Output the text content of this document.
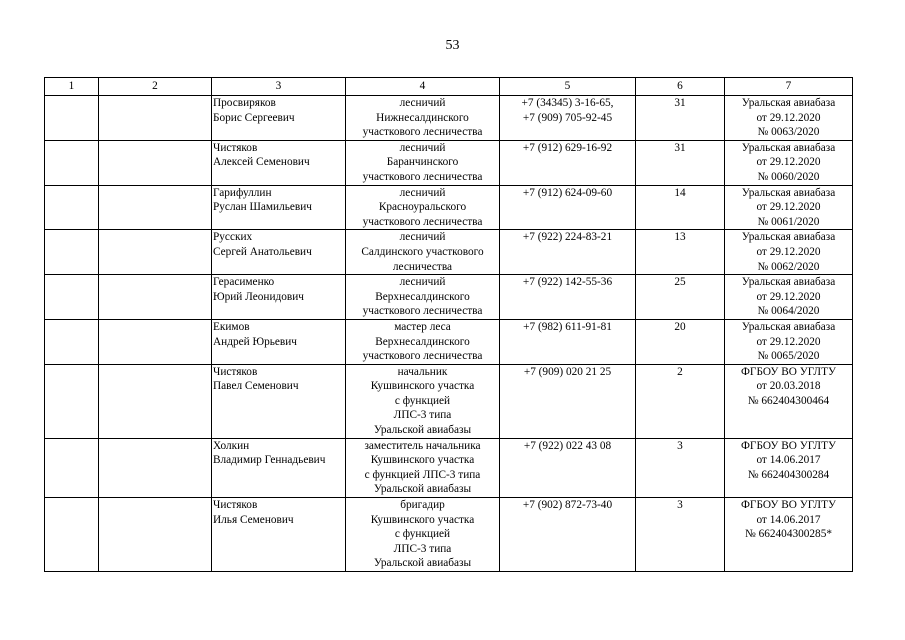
53
1	2	3	4	5	6	7

		Просвиряков
Борис Сергеевич	лесничий
Нижнесалдинского
участкового лесничества	+7 (34345) 3-16-65,
+7 (909) 705-92-45	31	Уральская авиабаза
от 29.12.2020
№ 0063/2020

		Чистяков
Алексей Семенович	лесничий
Баранчинского
участкового лесничества	+7 (912) 629-16-92	31	Уральская авиабаза
от 29.12.2020
№ 0060/2020

		Гарифуллин
Руслан Шамильевич	лесничий
Красноуральского
участкового лесничества	+7 (912) 624-09-60	14	Уральская авиабаза
от 29.12.2020
№ 0061/2020

		Русских
Сергей Анатольевич	лесничий
Салдинского участкового
лесничества	+7 (922) 224-83-21	13	Уральская авиабаза
от 29.12.2020
№ 0062/2020

		Герасименко
Юрий Леонидович	лесничий
Верхнесалдинского
участкового лесничества	+7 (922) 142-55-36	25	Уральская авиабаза
от 29.12.2020
№ 0064/2020

		Екимов
Андрей Юрьевич	мастер леса
Верхнесалдинского
участкового лесничества	+7 (982) 611-91-81	20	Уральская авиабаза
от 29.12.2020
№ 0065/2020

		Чистяков
Павел Семенович	начальник
Кушвинского участка
с функцией
ЛПС-3 типа
Уральской авиабазы	+7 (909) 020 21 25	2	ФГБОУ ВО УГЛТУ
от 20.03.2018
№ 662404300464

		Холкин
Владимир Геннадьевич	заместитель начальника
Кушвинского участка
с функцией ЛПС-3 типа
Уральской авиабазы	+7 (922) 022 43 08	3	ФГБОУ ВО УГЛТУ
от 14.06.2017
№ 662404300284

		Чистяков
Илья Семенович	бригадир
Кушвинского участка
с функцией
ЛПС-3 типа
Уральской авиабазы	+7 (902) 872-73-40	3	ФГБОУ ВО УГЛТУ
от 14.06.2017
№ 662404300285*
